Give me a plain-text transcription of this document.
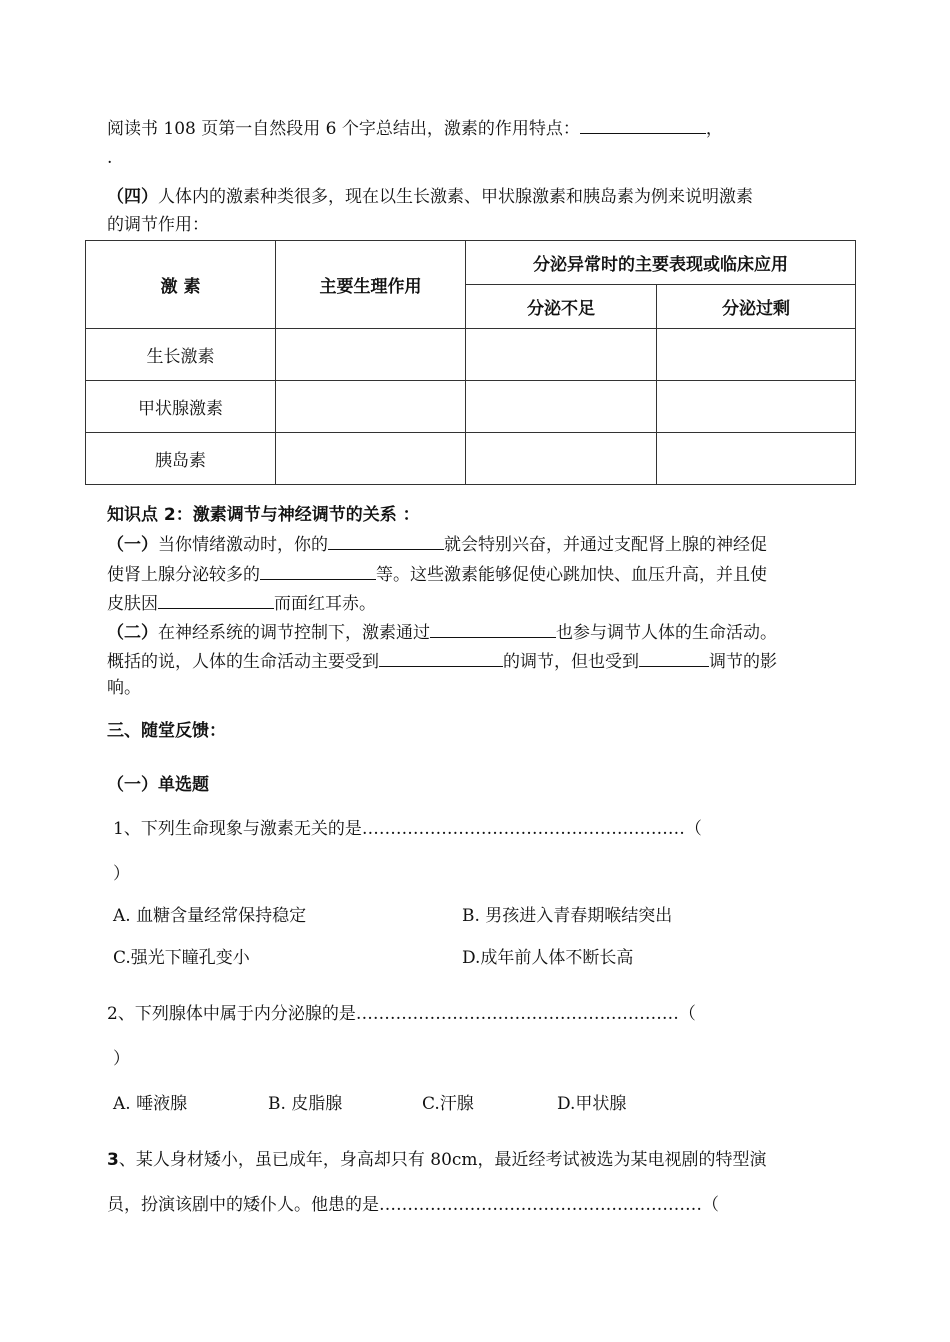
阅读书 108 页第一自然段用 6 个字总结出，激素的作用特点：	，
.
（四）人体内的激素种类很多，现在以生长激素、甲状腺激素和胰岛素为例来说明激素
的调节作用：
激 素	主要生理作用	分泌异常时的主要表现或临床应用	
		分泌不足	分泌过剩
生长激素			
甲状腺激素			
胰岛素			
知识点 2：激素调节与神经调节的关系 ：
（一）当你情绪激动时，你的	就会特别兴奋，并通过支配肾上腺的神经促
使肾上腺分泌较多的	等。这些激素能够促使心跳加快、血压升高，并且使
皮肤因	而面红耳赤。
（二）在神经系统的调节控制下，激素通过	也参与调节人体的生命活动。
概括的说，人体的生命活动主要受到	的调节，但也受到	调节的影
响。
三、随堂反馈：
（一）单选题
1、下列生命现象与激素无关的是…………………………………………………（
）
A. 血糖含量经常保持稳定	B. 男孩进入青春期喉结突出
C.强光下瞳孔变小	D.成年前人体不断长高
2、下列腺体中属于内分泌腺的是…………………………………………………（
）
A. 唾液腺	B. 皮脂腺	C.汗腺	D.甲状腺
3、某人身材矮小，虽已成年，身高却只有 80cm，最近经考试被选为某电视剧的特型演
员，扮演该剧中的矮仆人。他患的是…………………………………………………（
